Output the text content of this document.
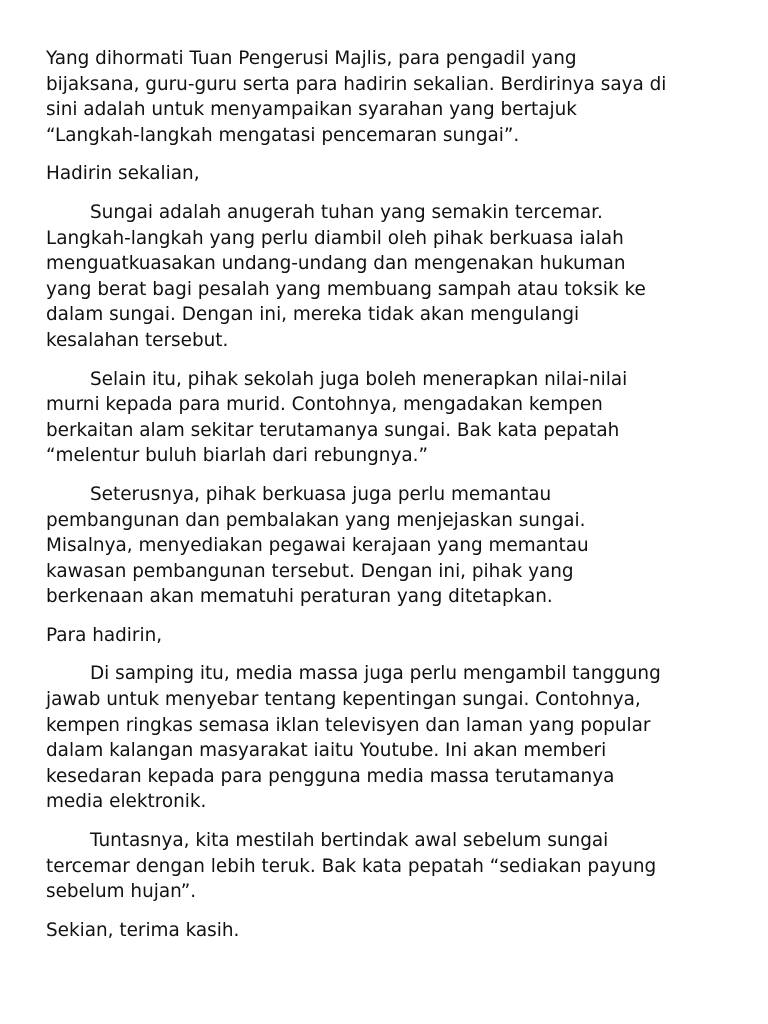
Yang dihormati Tuan Pengerusi Majlis, para pengadil yang
bijaksana, guru-guru serta para hadirin sekalian. Berdirinya saya di
sini adalah untuk menyampaikan syarahan yang bertajuk
“Langkah-langkah mengatasi pencemaran sungai”.
Hadirin sekalian,
Sungai adalah anugerah tuhan yang semakin tercemar.
Langkah-langkah yang perlu diambil oleh pihak berkuasa ialah
menguatkuasakan undang-undang dan mengenakan hukuman
yang berat bagi pesalah yang membuang sampah atau toksik ke
dalam sungai. Dengan ini, mereka tidak akan mengulangi
kesalahan tersebut.
Selain itu, pihak sekolah juga boleh menerapkan nilai-nilai
murni kepada para murid. Contohnya, mengadakan kempen
berkaitan alam sekitar terutamanya sungai. Bak kata pepatah
“melentur buluh biarlah dari rebungnya.”
Seterusnya, pihak berkuasa juga perlu memantau
pembangunan dan pembalakan yang menjejaskan sungai.
Misalnya, menyediakan pegawai kerajaan yang memantau
kawasan pembangunan tersebut. Dengan ini, pihak yang
berkenaan akan mematuhi peraturan yang ditetapkan.
Para hadirin,
Di samping itu, media massa juga perlu mengambil tanggung
jawab untuk menyebar tentang kepentingan sungai. Contohnya,
kempen ringkas semasa iklan televisyen dan laman yang popular
dalam kalangan masyarakat iaitu Youtube. Ini akan memberi
kesedaran kepada para pengguna media massa terutamanya
media elektronik.
Tuntasnya, kita mestilah bertindak awal sebelum sungai
tercemar dengan lebih teruk. Bak kata pepatah “sediakan payung
sebelum hujan”.
Sekian, terima kasih.
